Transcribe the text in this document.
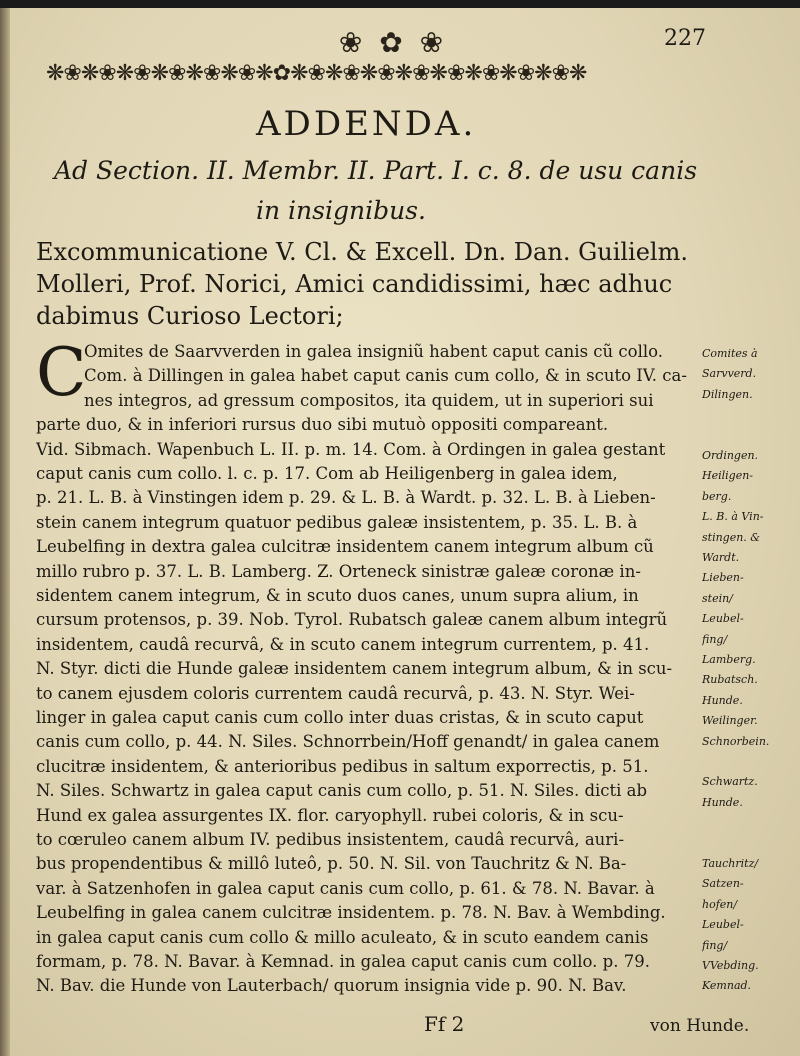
❀ ✿ ❀	227
❋❀❋❀❋❀❋❀❋❀❋❀❋✿❋❀❋❀❋❀❋❀❋❀❋❀❋❀❋❀❋
ADDENDA.
Ad Section. II. Membr. II. Part. I. c. 8. de usu canis
in insignibus.
Excommunicatione V. Cl. & Excell. Dn. Dan. Guilielm.
Molleri, Prof. Norici, Amici candidissimi, hæc adhuc
dabimus Curioso Lectori;
C
Omites de Saarvverden in galea insigniũ habent caput canis cũ collo.
Com. à Dillingen in galea habet caput canis cum collo, & in scuto IV. ca-
nes integros, ad gressum compositos, ita quidem, ut in superiori sui
parte duo, & in inferiori rursus duo sibi mutuò oppositi compareant.
Vid. Sibmach. Wapenbuch L. II. p. m. 14. Com. à Ordingen in galea gestant
caput canis cum collo. l. c. p. 17. Com ab Heiligenberg in galea idem,
p. 21. L. B. à Vinstingen idem p. 29. & L. B. à Wardt. p. 32. L. B. à Lieben-
stein canem integrum quatuor pedibus galeæ insistentem, p. 35. L. B. à
Leubelfing in dextra galea culcitræ insidentem canem integrum album cũ
millo rubro p. 37. L. B. Lamberg. Z. Orteneck sinistræ galeæ coronæ in-
sidentem canem integrum, & in scuto duos canes, unum supra alium, in
cursum protensos, p. 39. Nob. Tyrol. Rubatsch galeæ canem album integrũ
insidentem, caudâ recurvâ, & in scuto canem integrum currentem, p. 41.
N. Styr. dicti die Hunde galeæ insidentem canem integrum album, & in scu-
to canem ejusdem coloris currentem caudâ recurvâ, p. 43. N. Styr. Wei-
linger in galea caput canis cum collo inter duas cristas, & in scuto caput
canis cum collo, p. 44. N. Siles. Schnorrbein/Hoff genandt/ in galea canem
clucitræ insidentem, & anterioribus pedibus in saltum exporrectis, p. 51.
N. Siles. Schwartz in galea caput canis cum collo, p. 51. N. Siles. dicti ab
Hund ex galea assurgentes IX. flor. caryophyll. rubei coloris, & in scu-
to cœruleo canem album IV. pedibus insistentem, caudâ recurvâ, auri-
bus propendentibus & millô luteô, p. 50. N. Sil. von Tauchritz & N. Ba-
var. à Satzenhofen in galea caput canis cum collo, p. 61. & 78. N. Bavar. à
Leubelfing in galea canem culcitræ insidentem. p. 78. N. Bav. à Wembding.
in galea caput canis cum collo & millo aculeato, & in scuto eandem canis
formam, p. 78. N. Bavar. à Kemnad. in galea caput canis cum collo. p. 79.
N. Bav. die Hunde von Lauterbach/ quorum insignia vide p. 90. N. Bav.
Comites à
Sarvverd.
Dilingen.
Ordingen.
Heiligen-
berg.
L. B. à Vin-
stingen. &
Wardt.
Lieben-
stein/
Leubel-
fing/
Lamberg.
Rubatsch.
Hunde.
Weilinger.
Schnorbein.
Schwartz.
Hunde.
Tauchritz/
Satzen-
hofen/
Leubel-
fing/
VVebding.
Kemnad.
Ff 2	von Hunde.
